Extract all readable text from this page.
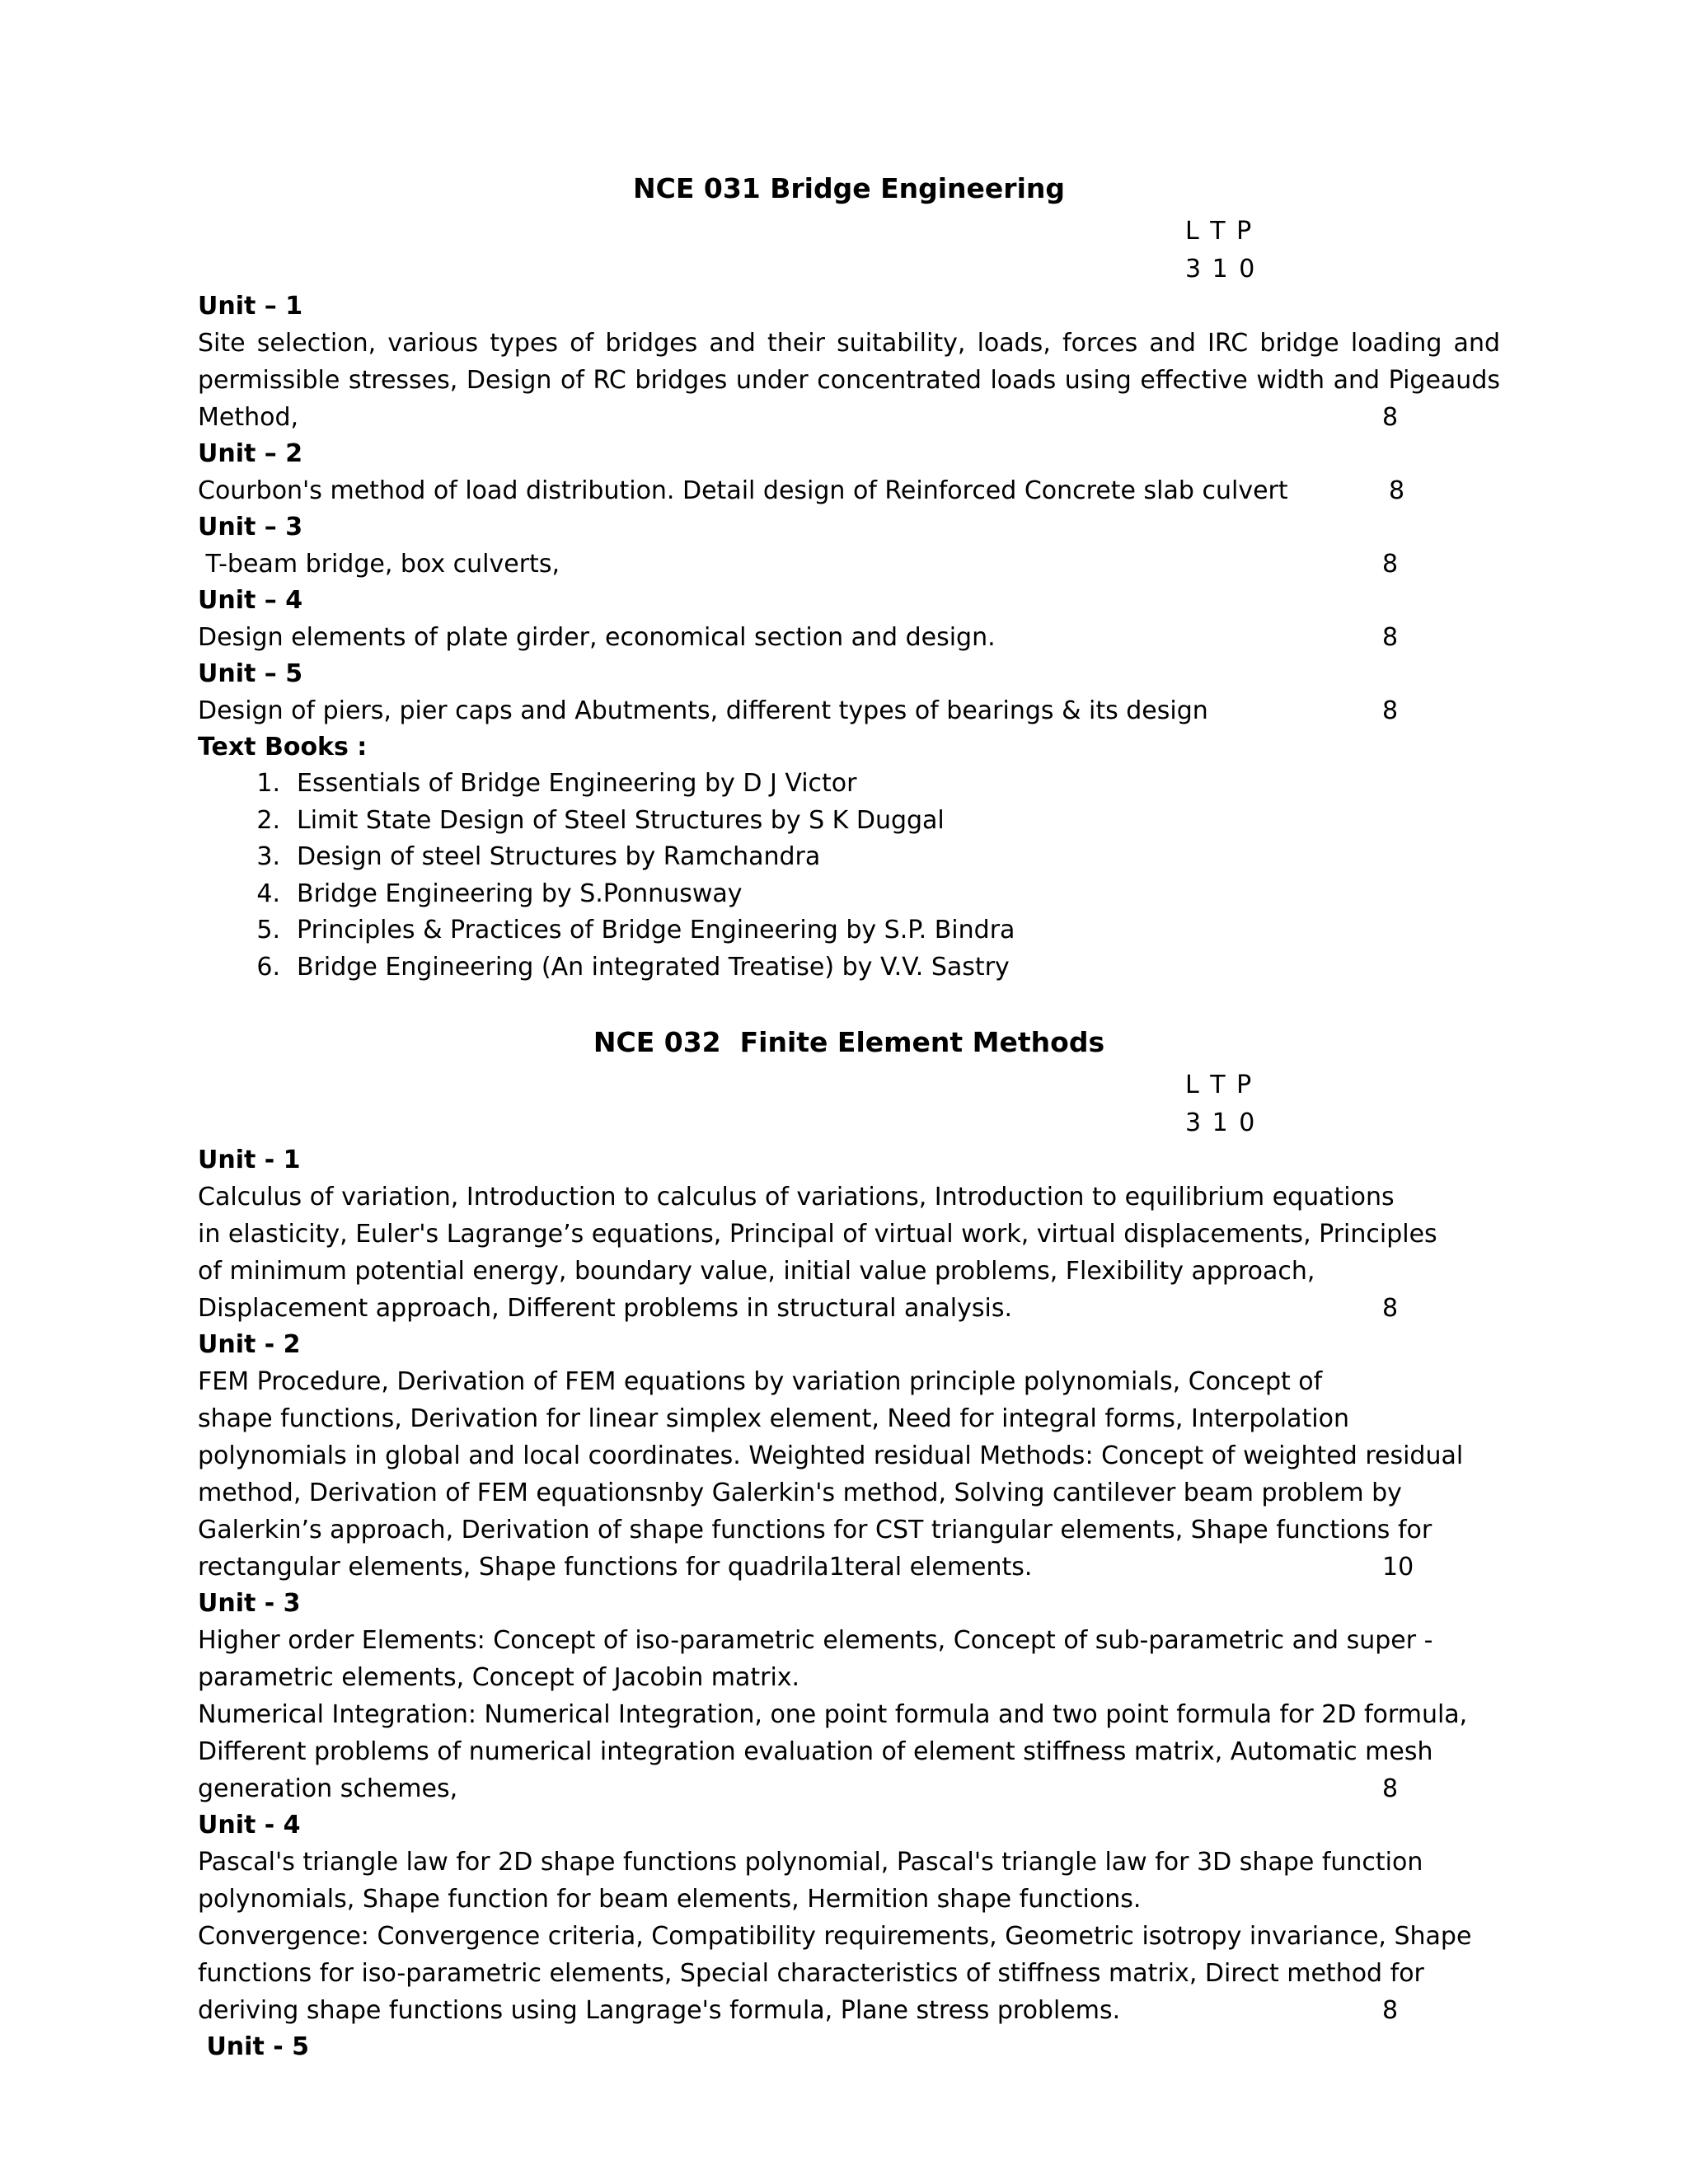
NCE 031 Bridge Engineering
L T P
3 1 0
Unit – 1
Site selection, various types of bridges and their suitability, loads, forces and IRC bridge loading and
permissible stresses, Design of RC bridges under concentrated loads using effective width and Pigeauds
Method,	8
Unit – 2
Courbon's method of load distribution. Detail design of Reinforced Concrete slab culvert	8
Unit – 3
T-beam bridge, box culverts,	8
Unit – 4
Design elements of plate girder, economical section and design.	8
Unit – 5
Design of piers, pier caps and Abutments, different types of bearings & its design	8
Text Books :
1. Essentials of Bridge Engineering by D J Victor
2. Limit State Design of Steel Structures by S K Duggal
3. Design of steel Structures by Ramchandra
4. Bridge Engineering by S.Ponnusway
5. Principles & Practices of Bridge Engineering by S.P. Bindra
6. Bridge Engineering (An integrated Treatise) by V.V. Sastry
NCE 032  Finite Element Methods
L T P
3 1 0
Unit - 1
Calculus of variation, Introduction to calculus of variations, Introduction to equilibrium equations
in elasticity, Euler's Lagrange’s equations, Principal of virtual work, virtual displacements, Principles
of minimum potential energy, boundary value, initial value problems, Flexibility approach,
Displacement approach, Different problems in structural analysis.	8
Unit - 2
FEM Procedure, Derivation of FEM equations by variation principle polynomials, Concept of
shape functions, Derivation for linear simplex element, Need for integral forms, Interpolation
polynomials in global and local coordinates. Weighted residual Methods: Concept of weighted residual
method, Derivation of FEM equationsnby Galerkin's method, Solving cantilever beam problem by
Galerkin’s approach, Derivation of shape functions for CST triangular elements, Shape functions for
rectangular elements, Shape functions for quadrila1teral elements.	10
Unit - 3
Higher order Elements: Concept of iso-parametric elements, Concept of sub-parametric and super -
parametric elements, Concept of Jacobin matrix.
Numerical Integration: Numerical Integration, one point formula and two point formula for 2D formula,
Different problems of numerical integration evaluation of element stiffness matrix, Automatic mesh
generation schemes,	8
Unit - 4
Pascal's triangle law for 2D shape functions polynomial, Pascal's triangle law for 3D shape function
polynomials, Shape function for beam elements, Hermition shape functions.
Convergence: Convergence criteria, Compatibility requirements, Geometric isotropy invariance, Shape
functions for iso-parametric elements, Special characteristics of stiffness matrix, Direct method for
deriving shape functions using Langrage's formula, Plane stress problems.	8
Unit - 5
